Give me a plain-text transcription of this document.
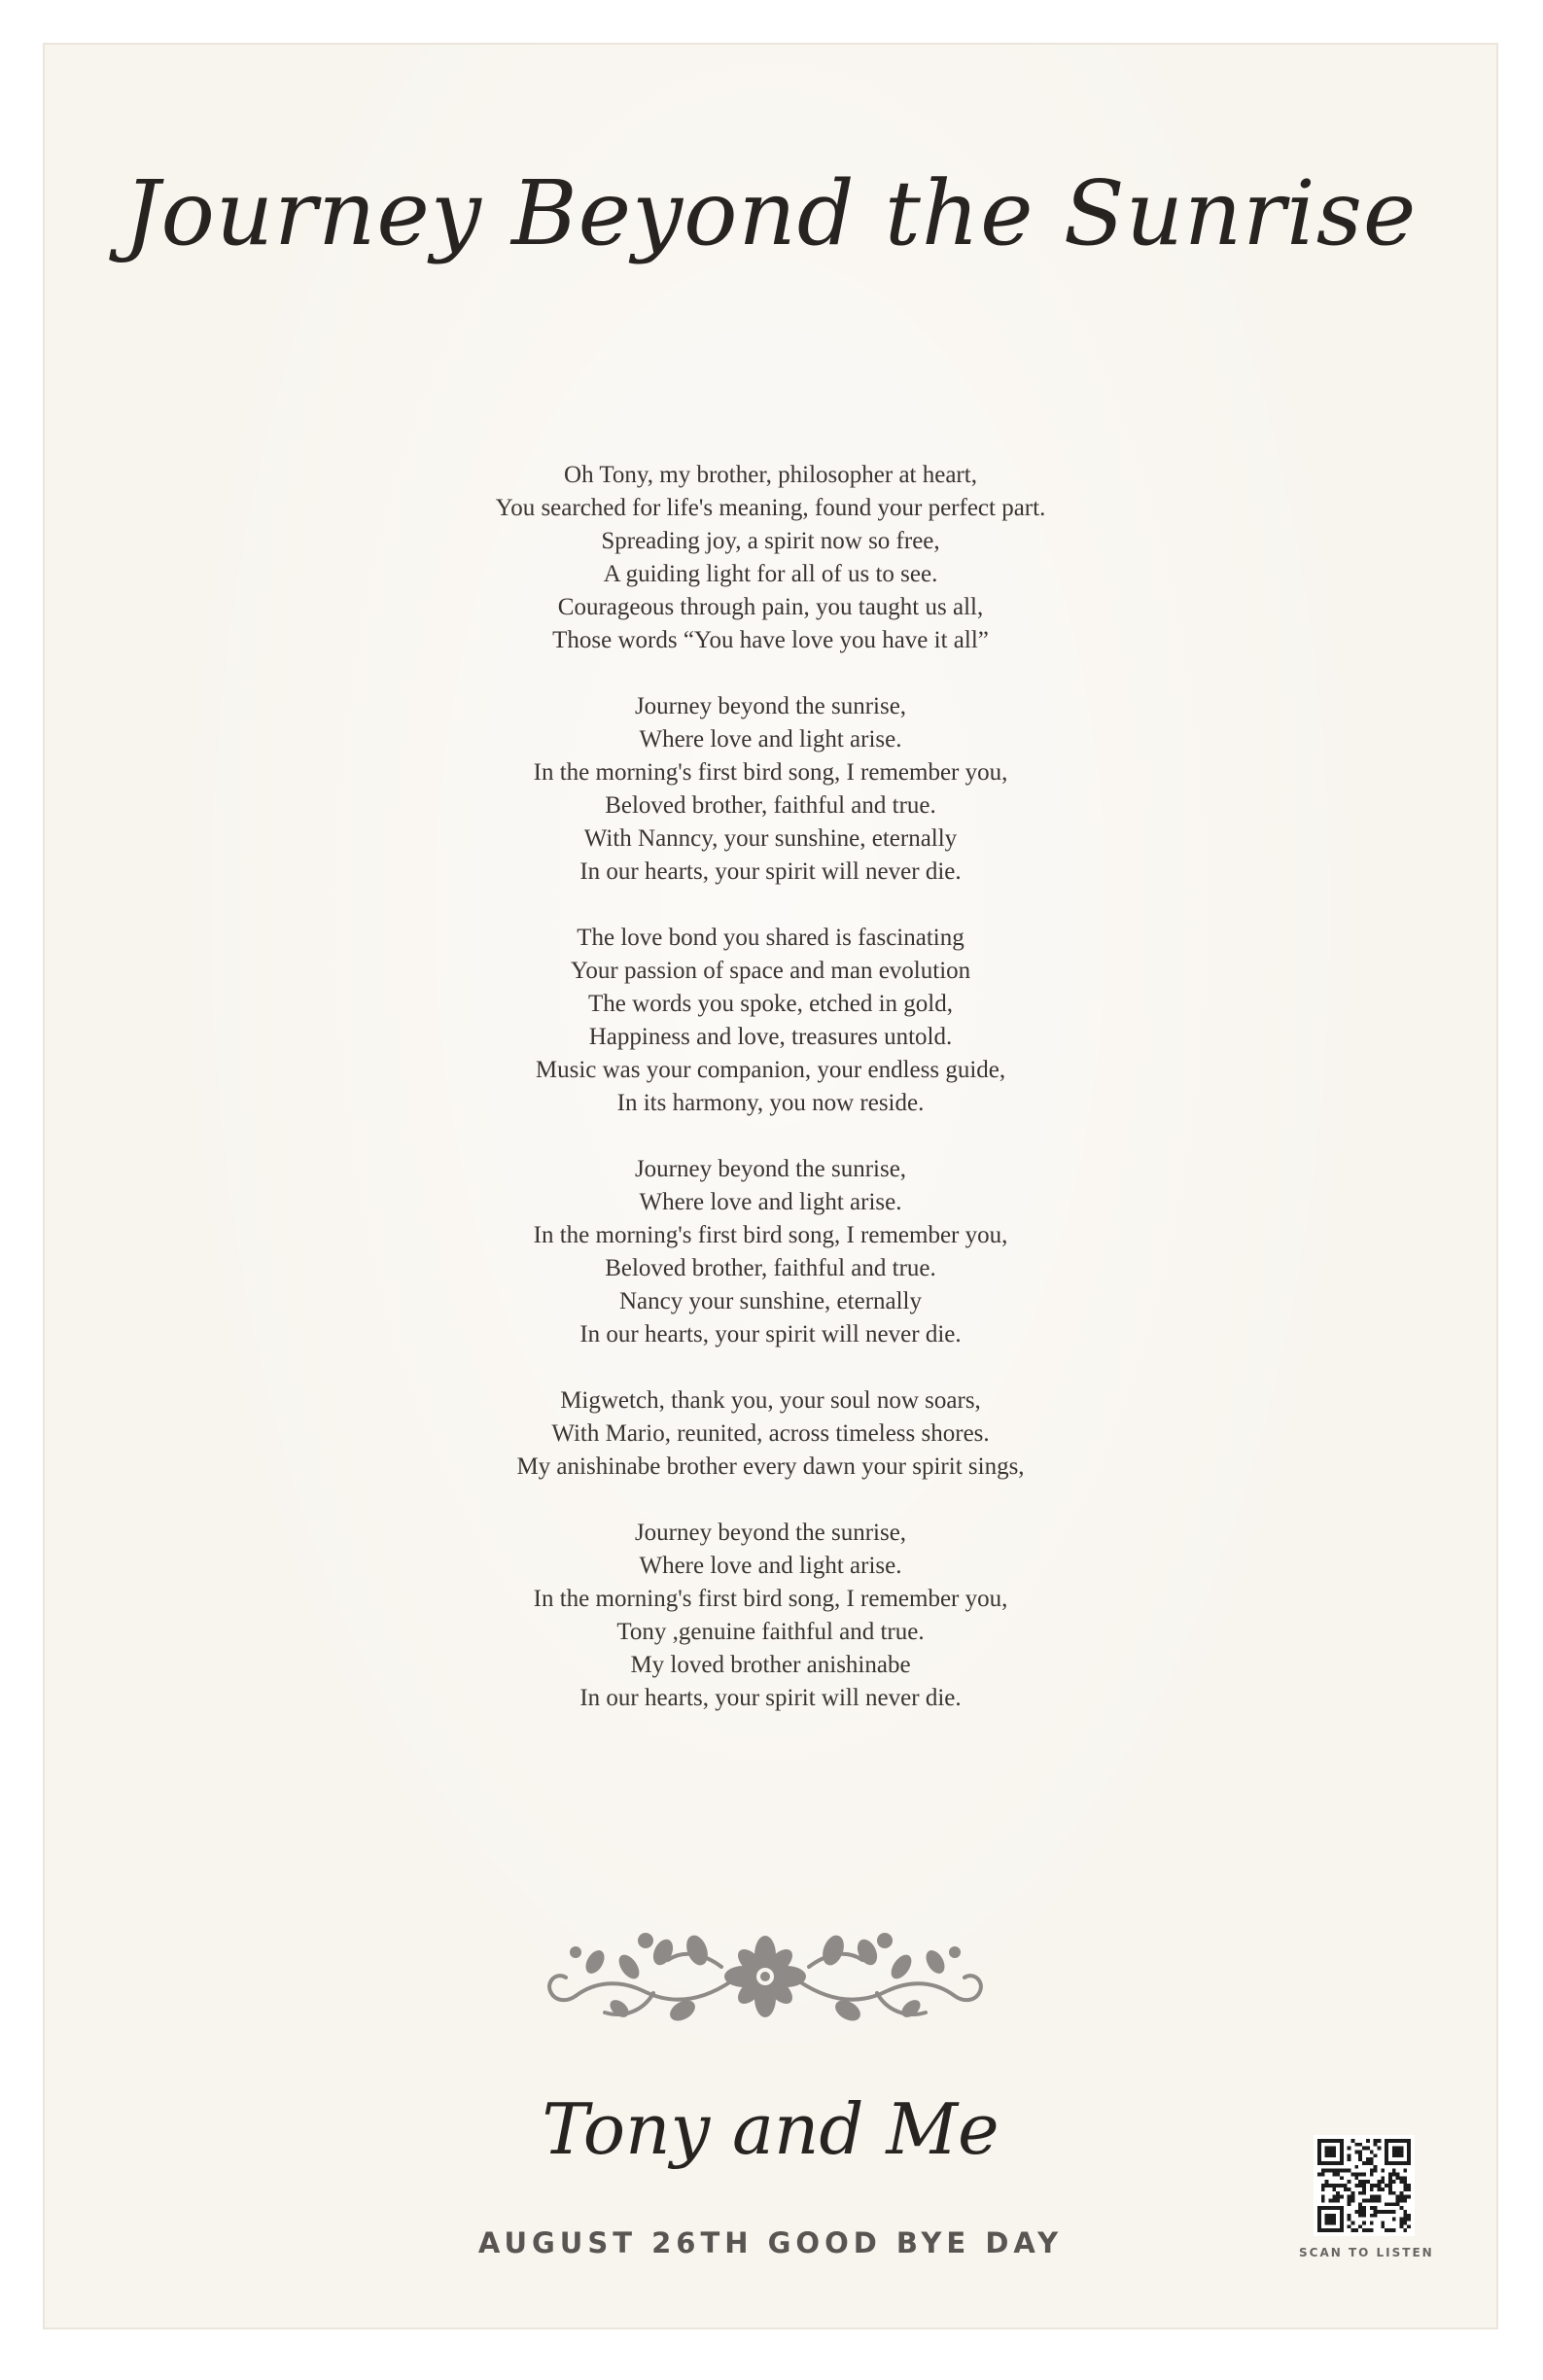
Journey Beyond the Sunrise

Oh Tony, my brother, philosopher at heart,
You searched for life's meaning, found your perfect part.
Spreading joy, a spirit now so free,
A guiding light for all of us to see.
Courageous through pain, you taught us all,
Those words “You have love you have it all”

Journey beyond the sunrise,
Where love and light arise.
In the morning's first bird song, I remember you,
Beloved brother, faithful and true.
With Nanncy, your sunshine, eternally
In our hearts, your spirit will never die.

The love bond you shared is fascinating
Your passion of space and man evolution
The words you spoke, etched in gold,
Happiness and love, treasures untold.
Music was your companion, your endless guide,
In its harmony, you now reside.

Journey beyond the sunrise,
Where love and light arise.
In the morning's first bird song, I remember you,
Beloved brother, faithful and true.
Nancy your sunshine, eternally
In our hearts, your spirit will never die.

Migwetch, thank you, your soul now soars,
With Mario, reunited, across timeless shores.
My anishinabe brother every dawn your spirit sings,

Journey beyond the sunrise,
Where love and light arise.
In the morning's first bird song, I remember you,
Tony ,genuine faithful and true.
My loved brother anishinabe
In our hearts, your spirit will never die.

Tony and Me

AUGUST 26TH GOOD BYE DAY	SCAN TO LISTEN
